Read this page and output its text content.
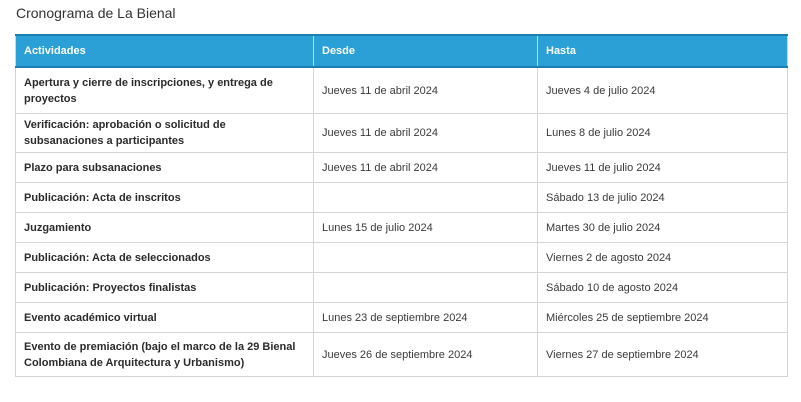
Cronograma de La Bienal
Actividades	Desde	Hasta
Apertura y cierre de inscripciones, y entrega de proyectos	Jueves 11 de abril 2024	Jueves 4 de julio 2024
Verificación: aprobación o solicitud de subsanaciones a participantes	Jueves 11 de abril 2024	Lunes 8 de julio 2024
Plazo para subsanaciones	Jueves 11 de abril 2024	Jueves 11 de julio 2024
Publicación: Acta de inscritos		Sábado 13 de julio 2024
Juzgamiento	Lunes 15 de julio 2024	Martes 30 de julio 2024
Publicación: Acta de seleccionados		Viernes 2 de agosto 2024
Publicación: Proyectos finalistas		Sábado 10 de agosto 2024
Evento académico virtual	Lunes 23 de septiembre 2024	Miércoles 25 de septiembre 2024
Evento de premiación (bajo el marco de la 29 Bienal Colombiana de Arquitectura y Urbanismo)	Jueves 26 de septiembre 2024	Viernes 27 de septiembre 2024
